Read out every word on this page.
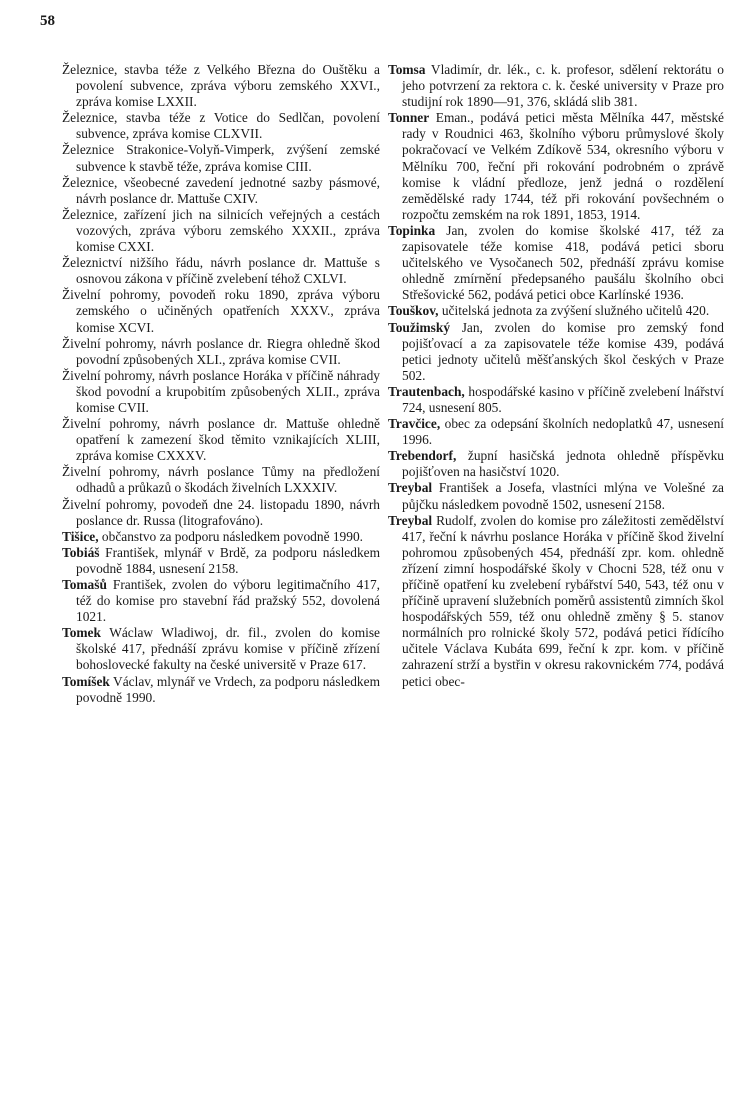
58

Železnice, stavba téže z Velkého Března do Ouštěku a povolení subvence, zpráva výboru zemského XXVI., zpráva komise LXXII.

Železnice, stavba téže z Votice do Sedlčan, povolení subvence, zpráva komise CLXVII.

Železnice Strakonice-Volyň-Vimperk, zvýšení zemské subvence k stavbě téže, zpráva komise CIII.

Železnice, všeobecné zavedení jednotné sazby pásmové, návrh poslance dr. Mattuše CXIV.

Železnice, zařízení jich na silnicích veřejných a cestách vozových, zpráva výboru zemského XXXII., zpráva komise CXXI.

Železnictví nižšího řádu, návrh poslance dr. Mattuše s osnovou zákona v příčině zvelebení téhož CXLVI.

Živelní pohromy, povodeň roku 1890, zpráva výboru zemského o učiněných opatřeních XXXV., zpráva komise XCVI.

Živelní pohromy, návrh poslance dr. Riegra ohledně škod povodní způsobených XLI., zpráva komise CVII.

Živelní pohromy, návrh poslance Horáka v příčině náhrady škod povodní a krupobitím způsobených XLII., zpráva komise CVII.

Živelní pohromy, návrh poslance dr. Mattuše ohledně opatření k zamezení škod těmito vznikajících XLIII, zpráva komise CXXXV.

Živelní pohromy, návrh poslance Tůmy na předložení odhadů a průkazů o škodách živelních LXXXIV.

Živelní pohromy, povodeň dne 24. listopadu 1890, návrh poslance dr. Russa (litografováno).

Tišice, občanstvo za podporu následkem povodně 1990.

Tobiáš František, mlynář v Brdě, za podporu následkem povodně 1884, usnesení 2158.

Tomašů František, zvolen do výboru legitimačního 417, též do komise pro stavební řád pražský 552, dovolená 1021.

Tomek Wáclaw Wladiwoj, dr. fil., zvolen do komise školské 417, přednáší zprávu komise v příčině zřízení bohoslovecké fakulty na české universitě v Praze 617.

Tomíšek Václav, mlynář ve Vrdech, za podporu následkem povodně 1990.

Tomsa Vladimír, dr. lék., c. k. profesor, sdělení rektorátu o jeho potvrzení za rektora c. k. české university v Praze pro studijní rok 1890—91, 376, skládá slib 381.

Tonner Eman., podává petici města Mělníka 447, městské rady v Roudnici 463, školního výboru průmyslové školy pokračovací ve Velkém Zdíkově 534, okresního výboru v Mělníku 700, řeční při rokování podrobném o zprávě komise k vládní předloze, jenž jedná o rozdělení zemědělské rady 1744, též při rokování povšechném o rozpočtu zemském na rok 1891, 1853, 1914.

Topinka Jan, zvolen do komise školské 417, též za zapisovatele téže komise 418, podává petici sboru učitelského ve Vysočanech 502, přednáší zprávu komise ohledně zmírnění předepsaného paušálu školního obci Střešovické 562, podává petici obce Karlínské 1936.

Touškov, učitelská jednota za zvýšení služného učitelů 420.

Toužimský Jan, zvolen do komise pro zemský fond pojišťovací a za zapisovatele téže komise 439, podává petici jednoty učitelů měšťanských škol českých v Praze 502.

Trautenbach, hospodářské kasino v příčině zvelebení lnářství 724, usnesení 805.

Travčice, obec za odepsání školních nedoplatků 47, usnesení 1996.

Trebendorf, župní hasičská jednota ohledně příspěvku pojišťoven na hasičství 1020.

Treybal František a Josefa, vlastníci mlýna ve Volešné za půjčku následkem povodně 1502, usnesení 2158.

Treybal Rudolf, zvolen do komise pro záležitosti zemědělství 417, řeční k návrhu poslance Horáka v příčině škod živelní pohromou způsobených 454, přednáší zpr. kom. ohledně zřízení zimní hospodářské školy v Chocni 528, též onu v příčině opatření ku zvelebení rybářství 540, 543, též onu v příčině upravení služebních poměrů assistentů zimních škol hospodářských 559, též onu ohledně změny § 5. stanov normálních pro rolnické školy 572, podává petici řídícího učitele Václava Kubáta 699, řeční k zpr. kom. v příčině zahrazení strží a bystřin v okresu rakovnickém 774, podává petici obec-
